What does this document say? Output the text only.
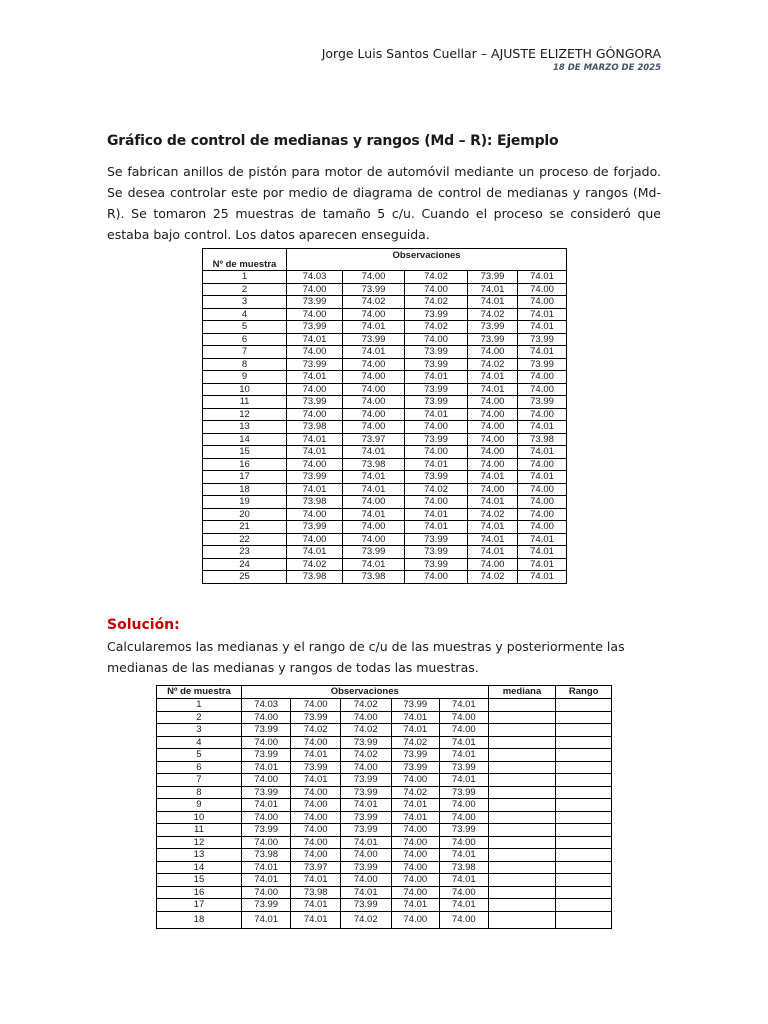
Jorge Luis Santos Cuellar – AJUSTE ELIZETH GÓNGORA
18 DE MARZO DE 2025
Gráfico de control de medianas y rangos (Md – R): Ejemplo
Se fabrican anillos de pistón para motor de automóvil mediante un proceso de forjado. Se desea controlar este por medio de diagrama de control de medianas y rangos (Md-R). Se tomaron 25 muestras de tamaño 5 c/u. Cuando el proceso se consideró que estaba bajo control. Los datos aparecen enseguida.
Nº de muestra	Observaciones				
1	74.03	74.00	74.02	73.99	74.01
2	74.00	73.99	74.00	74.01	74.00
3	73.99	74.02	74.02	74.01	74.00
4	74.00	74.00	73.99	74.02	74.01
5	73.99	74.01	74.02	73.99	74.01
6	74.01	73.99	74.00	73.99	73.99
7	74.00	74.01	73.99	74.00	74.01
8	73.99	74.00	73.99	74.02	73.99
9	74.01	74.00	74.01	74.01	74.00
10	74.00	74.00	73.99	74.01	74.00
11	73.99	74.00	73.99	74.00	73.99
12	74.00	74.00	74.01	74.00	74.00
13	73.98	74.00	74.00	74.00	74.01
14	74.01	73.97	73.99	74.00	73.98
15	74.01	74.01	74.00	74.00	74.01
16	74.00	73.98	74.01	74.00	74.00
17	73.99	74.01	73.99	74.01	74.01
18	74.01	74.01	74.02	74.00	74.00
19	73.98	74.00	74.00	74.01	74.00
20	74.00	74.01	74.01	74.02	74.00
21	73.99	74.00	74.01	74.01	74.00
22	74.00	74.00	73.99	74.01	74.01
23	74.01	73.99	73.99	74.01	74.01
24	74.02	74.01	73.99	74.00	74.01
25	73.98	73.98	74.00	74.02	74.01
Solución:
Calcularemos las medianas y el rango de c/u de las muestras y posteriormente las medianas de las medianas y rangos de todas las muestras.
Nº de muestra	Observaciones					mediana	Rango
1	74.03	74.00	74.02	73.99	74.01		
2	74.00	73.99	74.00	74.01	74.00		
3	73.99	74.02	74.02	74.01	74.00		
4	74.00	74.00	73.99	74.02	74.01		
5	73.99	74.01	74.02	73.99	74.01		
6	74.01	73.99	74.00	73.99	73.99		
7	74.00	74.01	73.99	74.00	74.01		
8	73.99	74.00	73.99	74.02	73.99		
9	74.01	74.00	74.01	74.01	74.00		
10	74.00	74.00	73.99	74.01	74.00		
11	73.99	74.00	73.99	74.00	73.99		
12	74.00	74.00	74.01	74.00	74.00		
13	73.98	74.00	74.00	74.00	74.01		
14	74.01	73.97	73.99	74.00	73.98		
15	74.01	74.01	74.00	74.00	74.01		
16	74.00	73.98	74.01	74.00	74.00		
17	73.99	74.01	73.99	74.01	74.01		
18	74.01	74.01	74.02	74.00	74.00		
